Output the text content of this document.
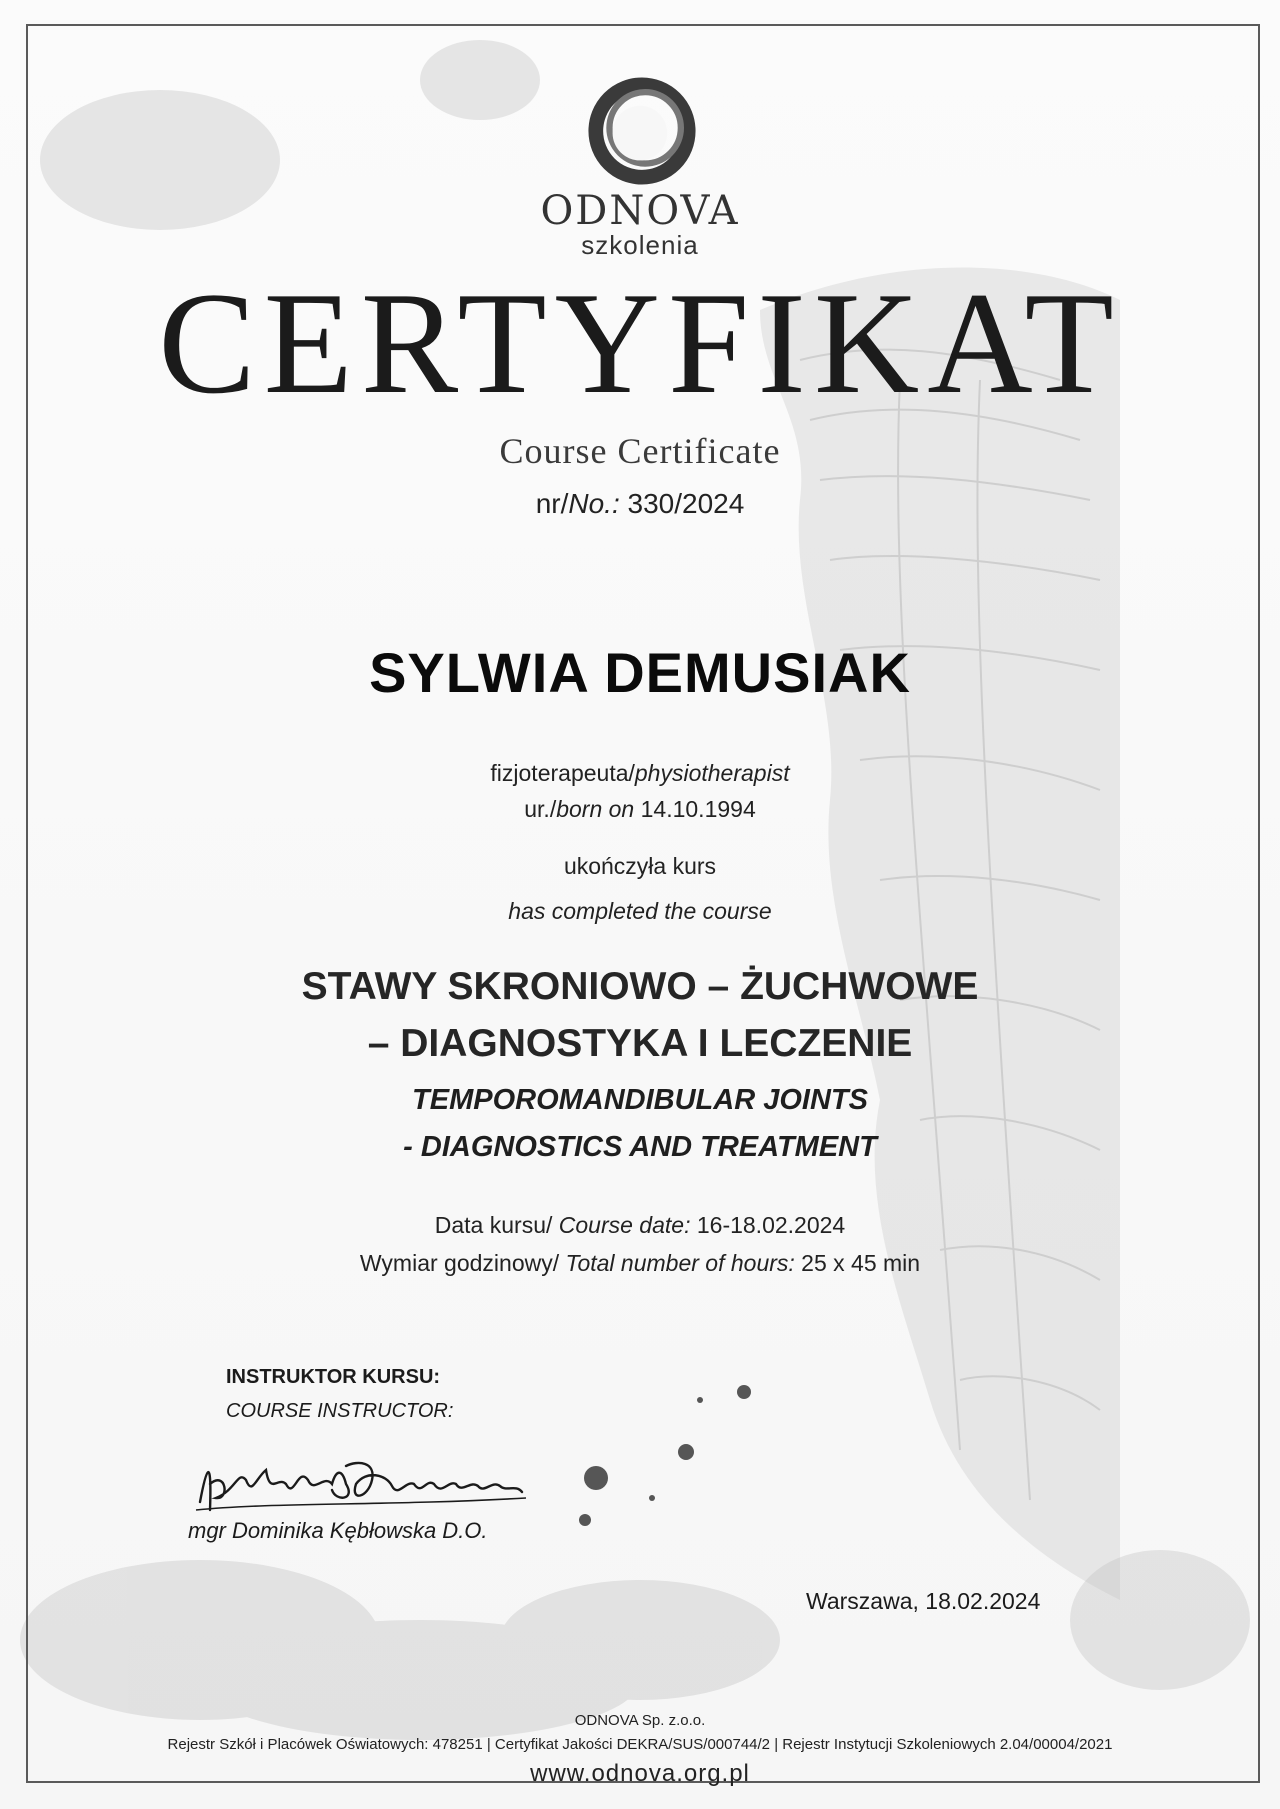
ODNOVA
szkolenia
CERTYFIKAT
Course Certificate
nr/No.: 330/2024
SYLWIA DEMUSIAK
fizjoterapeuta/physiotherapist
ur./born on 14.10.1994
ukończyła kurs
has completed the course
STAWY SKRONIOWO – ŻUCHWOWE
– DIAGNOSTYKA I LECZENIE
TEMPOROMANDIBULAR JOINTS
- DIAGNOSTICS AND TREATMENT
Data kursu/ Course date: 16-18.02.2024
Wymiar godzinowy/ Total number of hours: 25 x 45 min
INSTRUKTOR KURSU:
COURSE INSTRUCTOR:
mgr Dominika Kębłowska D.O.
Warszawa, 18.02.2024
ODNOVA Sp. z.o.o.
Rejestr Szkół i Placówek Oświatowych: 478251 | Certyfikat Jakości DEKRA/SUS/000744/2 | Rejestr Instytucji Szkoleniowych 2.04/00004/2021
www.odnova.org.pl
